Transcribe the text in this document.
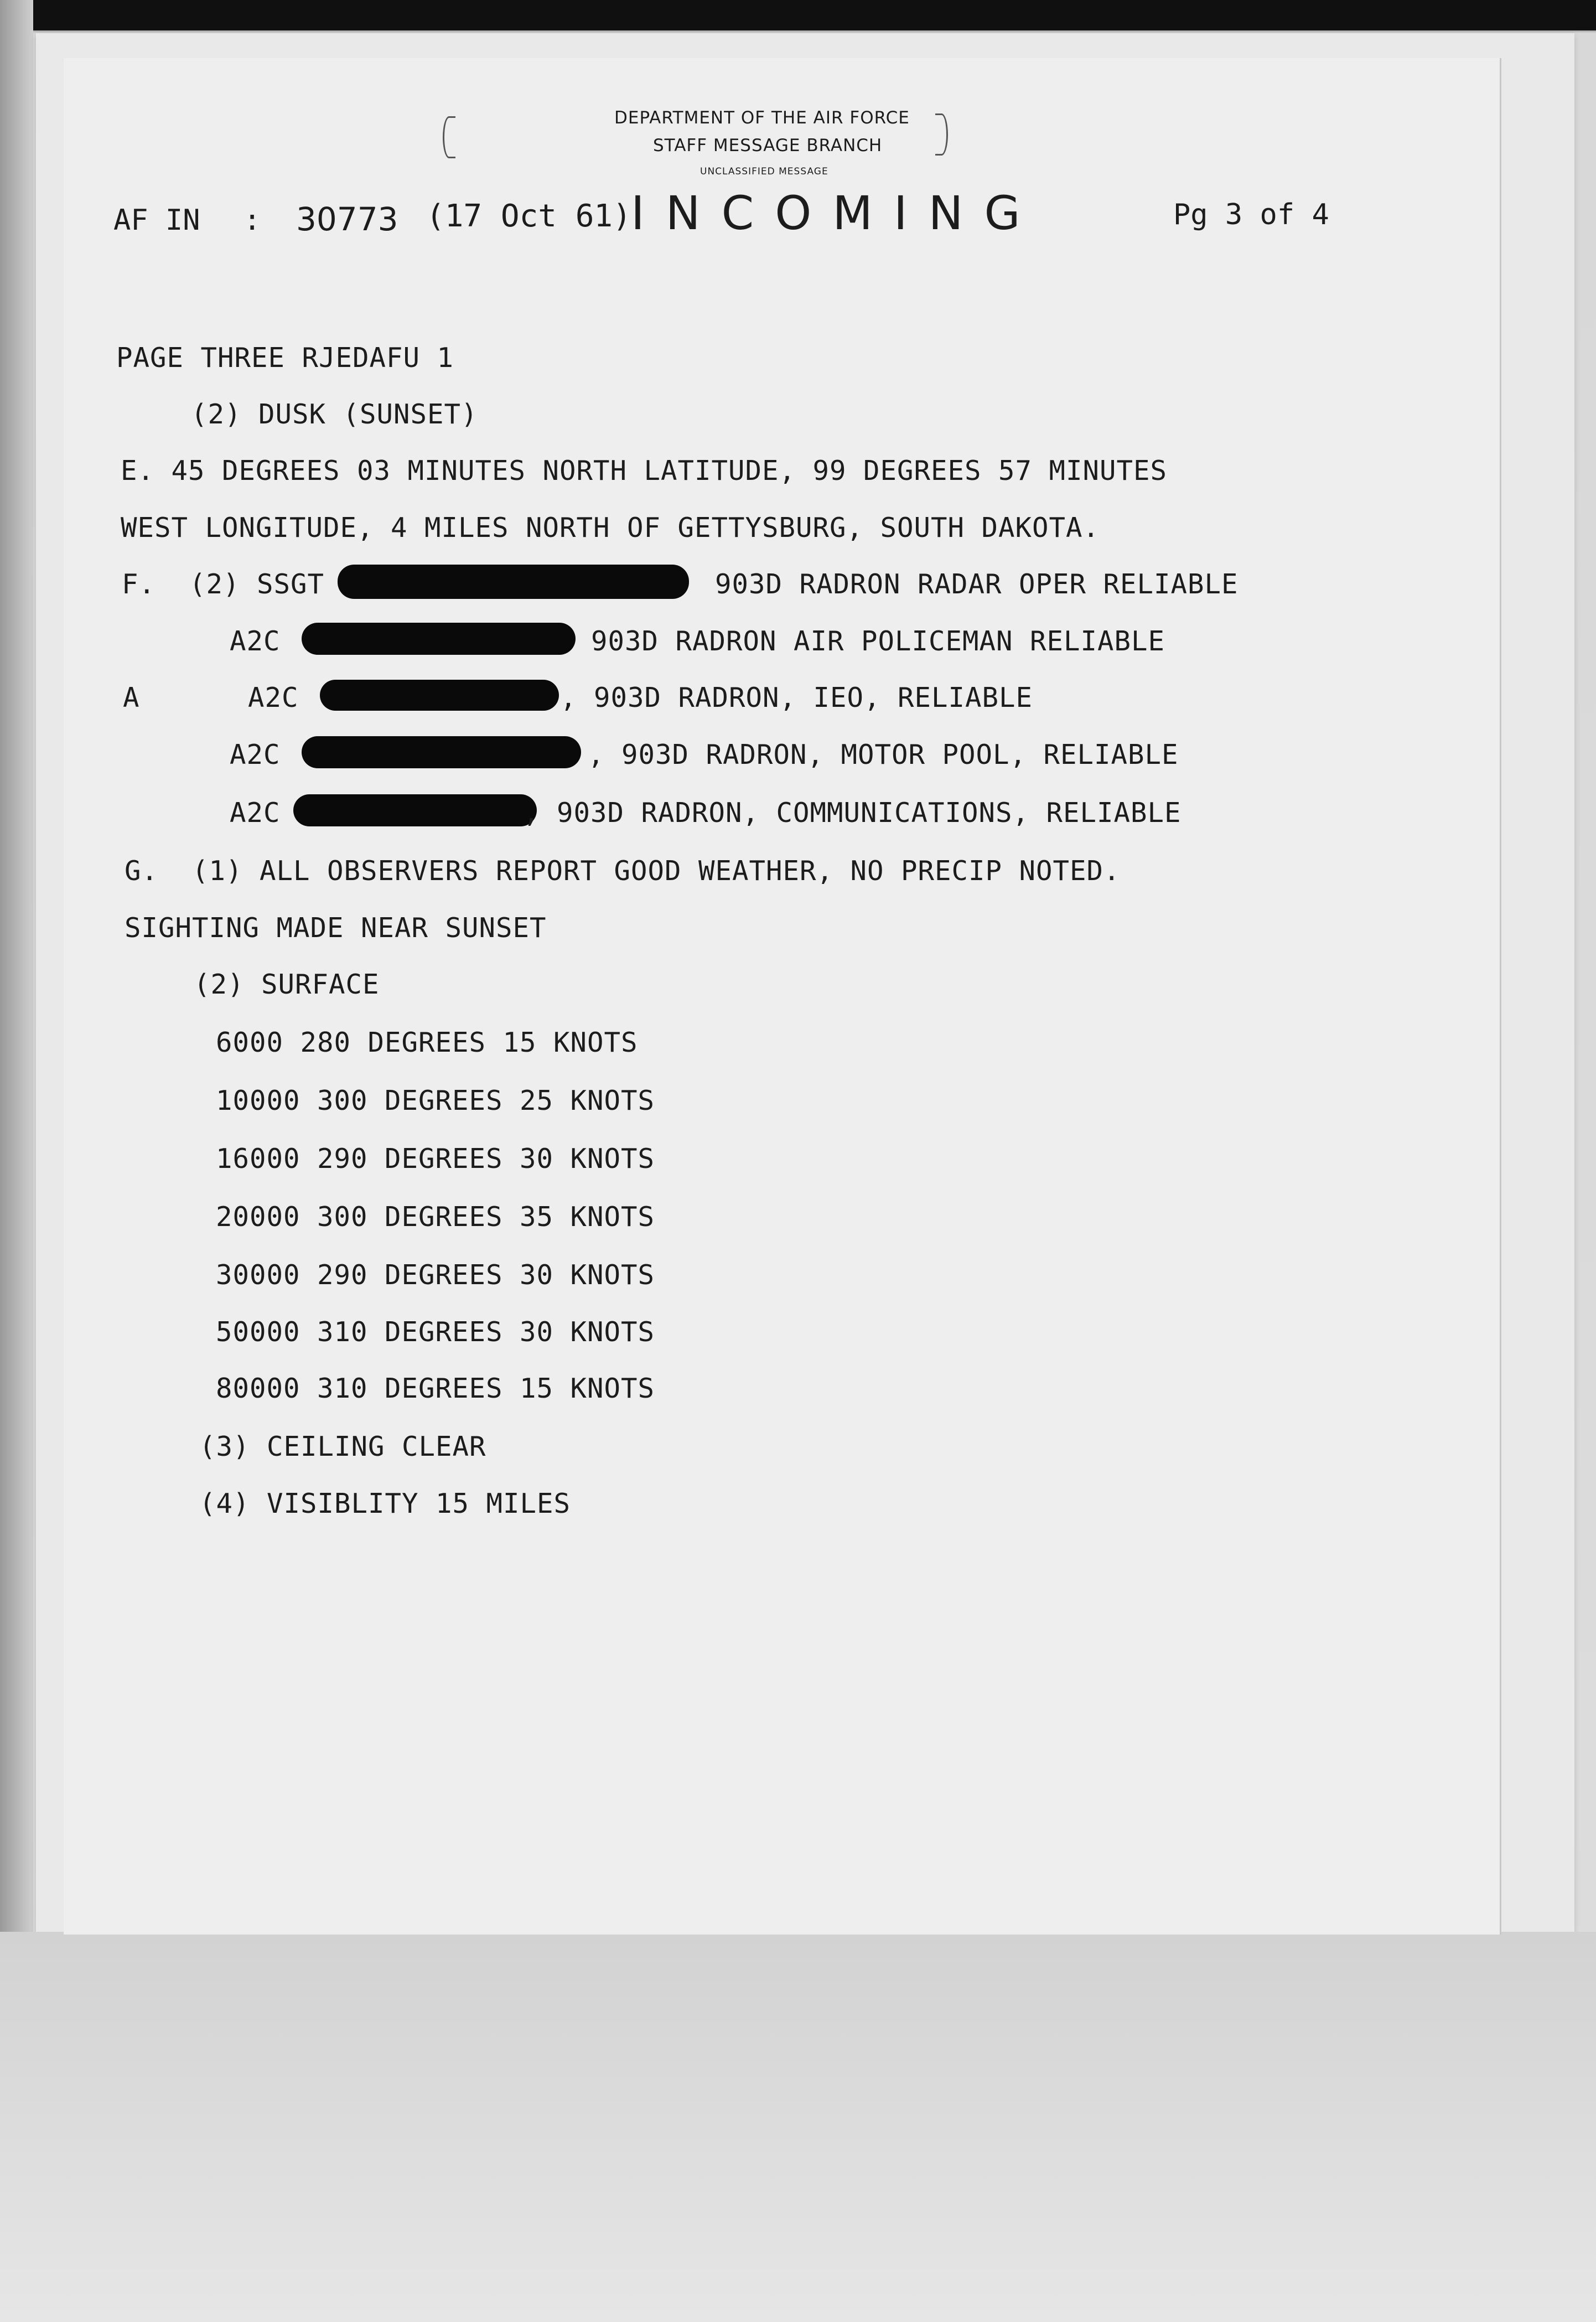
DEPARTMENT OF THE AIR FORCE
STAFF MESSAGE BRANCH
UNCLASSIFIED MESSAGE
AF IN : 30773 (17 Oct 61) INCOMING	Pg 3 of 4
PAGE THREE RJEDAFU 1
(2) DUSK (SUNSET)
E. 45 DEGREES 03 MINUTES NORTH LATITUDE, 99 DEGREES 57 MINUTES
WEST LONGITUDE, 4 MILES NORTH OF GETTYSBURG, SOUTH DAKOTA.
F.  (2) SSGT	903D RADRON RADAR OPER RELIABLE
A2C	903D RADRON AIR POLICEMAN RELIABLE
A	A2C	, 903D RADRON, IEO, RELIABLE
A2C	, 903D RADRON, MOTOR POOL, RELIABLE
A2C	, 903D RADRON, COMMUNICATIONS, RELIABLE
G.  (1) ALL OBSERVERS REPORT GOOD WEATHER, NO PRECIP NOTED.
SIGHTING MADE NEAR SUNSET
(2) SURFACE
6000 280 DEGREES 15 KNOTS
10000 300 DEGREES 25 KNOTS
16000 290 DEGREES 30 KNOTS
20000 300 DEGREES 35 KNOTS
30000 290 DEGREES 30 KNOTS
50000 310 DEGREES 30 KNOTS
80000 310 DEGREES 15 KNOTS
(3) CEILING CLEAR
(4) VISIBLITY 15 MILES
